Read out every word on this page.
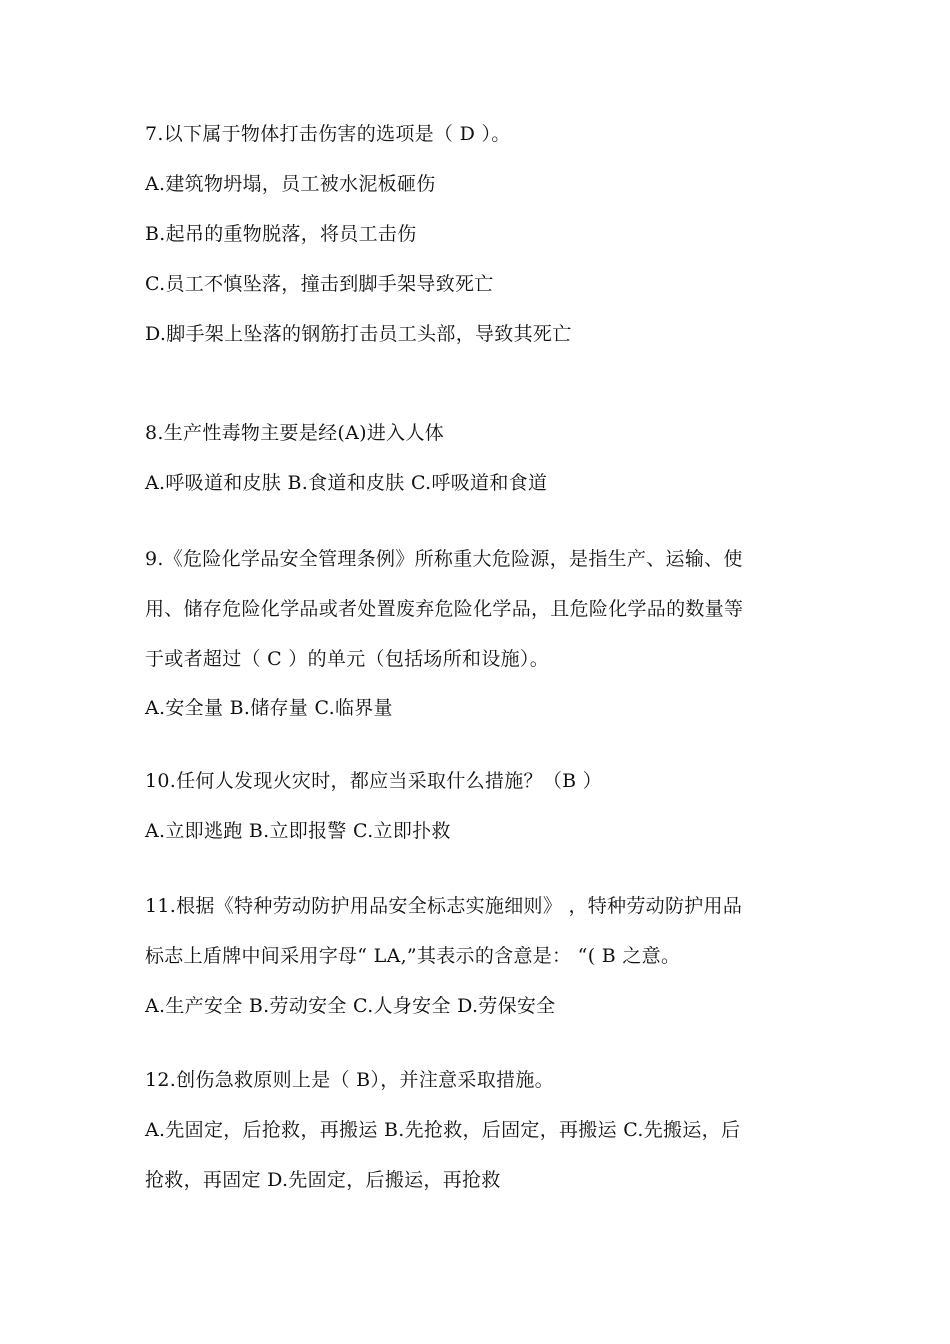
7.以下属于物体打击伤害的选项是（ D ）。
A.建筑物坍塌，员工被水泥板砸伤
B.起吊的重物脱落，将员工击伤
C.员工不慎坠落，撞击到脚手架导致死亡
D.脚手架上坠落的钢筋打击员工头部，导致其死亡
8.生产性毒物主要是经(A)进入人体
A.呼吸道和皮肤 B.食道和皮肤 C.呼吸道和食道
9.《危险化学品安全管理条例》所称重大危险源，是指生产、运输、使
用、储存危险化学品或者处置废弃危险化学品，且危险化学品的数量等
于或者超过（ C ）的单元（包括场所和设施）。
A.安全量 B.储存量 C.临界量
10.任何人发现火灾时，都应当采取什么措施？（B ）
A.立即逃跑 B.立即报警 C.立即扑救
11.根据《特种劳动防护用品安全标志实施细则》 ，特种劳动防护用品
标志上盾牌中间采用字母“ LA,”其表示的含意是： “( B 之意。
A.生产安全 B.劳动安全 C.人身安全 D.劳保安全
12.创伤急救原则上是（ B），并注意采取措施。
A.先固定，后抢救，再搬运 B.先抢救，后固定，再搬运 C.先搬运，后
抢救，再固定 D.先固定，后搬运，再抢救
